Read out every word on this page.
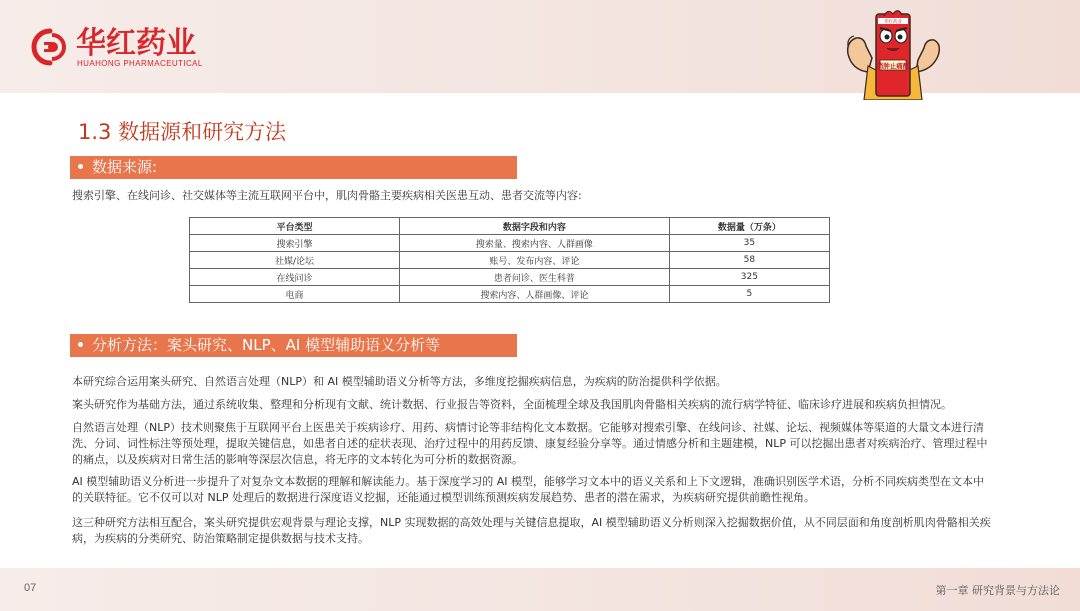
华红药业
HUAHONG PHARMACEUTICAL
华红药业
消肿止痛酊
1.3 数据源和研究方法
数据来源:
搜索引擎、在线问诊、社交媒体等主流互联网平台中，肌肉骨骼主要疾病相关医患互动、患者交流等内容:
平台类型	数据字段和内容	数据量（万条）
搜索引擎	搜索量、搜索内容、人群画像	35
社媒/论坛	账号、发布内容、评论	58
在线问诊	患者问诊、医生科普	325
电商	搜索内容、人群画像、评论	5
分析方法：案头研究、NLP、AI 模型辅助语义分析等

本研究综合运用案头研究、自然语言处理（NLP）和 AI 模型辅助语义分析等方法，多维度挖掘疾病信息，为疾病的防治提供科学依据。

案头研究作为基础方法，通过系统收集、整理和分析现有文献、统计数据、行业报告等资料，全面梳理全球及我国肌肉骨骼相关疾病的流行病学特征、临床诊疗进展和疾病负担情况。

自然语言处理（NLP）技术则聚焦于互联网平台上医患关于疾病诊疗、用药、病情讨论等非结构化文本数据。它能够对搜索引擎、在线问诊、社媒、论坛、视频媒体等渠道的大量文本进行清洗、分词、词性标注等预处理，提取关键信息，如患者自述的症状表现、治疗过程中的用药反馈、康复经验分享等。通过情感分析和主题建模，NLP 可以挖掘出患者对疾病治疗、管理过程中的痛点，以及疾病对日常生活的影响等深层次信息，将无序的文本转化为可分析的数据资源。

AI 模型辅助语义分析进一步提升了对复杂文本数据的理解和解读能力。基于深度学习的 AI 模型，能够学习文本中的语义关系和上下文逻辑，准确识别医学术语，分析不同疾病类型在文本中的关联特征。它不仅可以对 NLP 处理后的数据进行深度语义挖掘，还能通过模型训练预测疾病发展趋势、患者的潜在需求，为疾病研究提供前瞻性视角。

这三种研究方法相互配合，案头研究提供宏观背景与理论支撑，NLP 实现数据的高效处理与关键信息提取，AI 模型辅助语义分析则深入挖掘数据价值，从不同层面和角度剖析肌肉骨骼相关疾病，为疾病的分类研究、防治策略制定提供数据与技术支持。

07	第一章 研究背景与方法论
